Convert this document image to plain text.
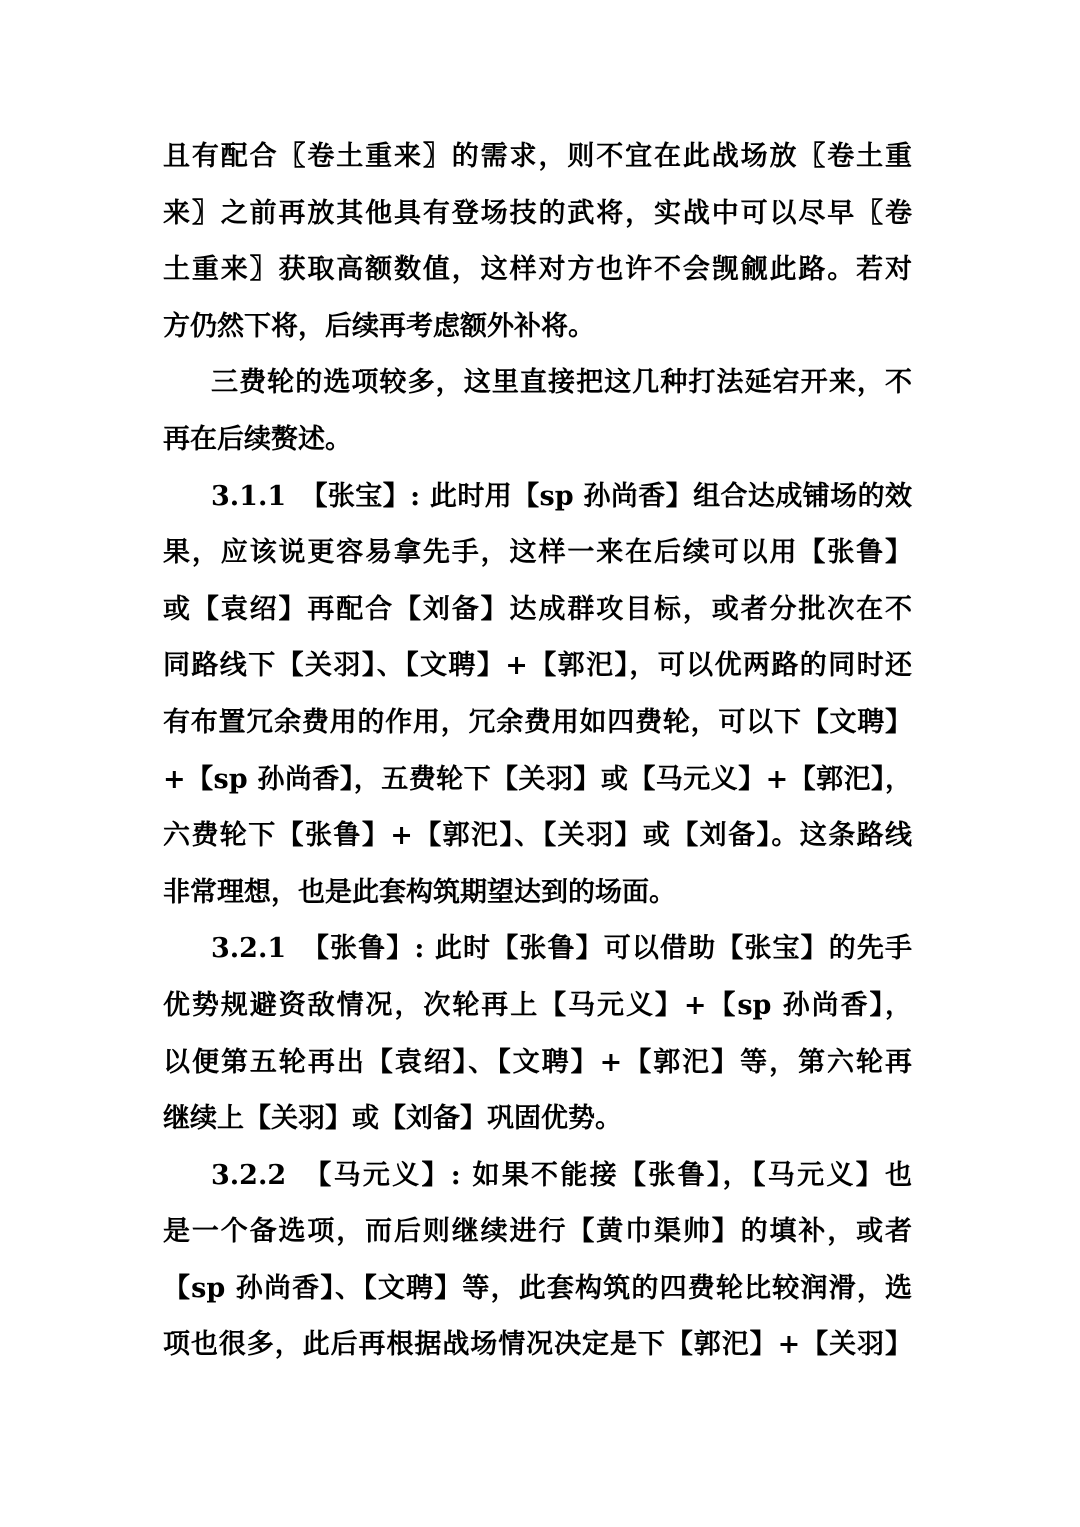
且有配合〖卷土重来〗的需求，则不宜在此战场放〖卷土重
来〗之前再放其他具有登场技的武将，实战中可以尽早〖卷
土重来〗获取高额数值，这样对方也许不会觊觎此路。若对
方仍然下将，后续再考虑额外补将。
三费轮的选项较多，这里直接把这几种打法延宕开来，不
再在后续赘述。
3.1.1　【张宝】: 此时用【sp 孙尚香】组合达成铺场的效
果，应该说更容易拿先手，这样一来在后续可以用【张鲁】
或【袁绍】再配合【刘备】达成群攻目标，或者分批次在不
同路线下【关羽】、【文聘】+【郭汜】，可以优两路的同时还
有布置冗余费用的作用，冗余费用如四费轮，可以下【文聘】
+【sp 孙尚香】，五费轮下【关羽】或【马元义】+【郭汜】，
六费轮下【张鲁】+【郭汜】、【关羽】或【刘备】。这条路线
非常理想，也是此套构筑期望达到的场面。
3.2.1　【张鲁】: 此时【张鲁】可以借助【张宝】的先手
优势规避资敌情况，次轮再上【马元义】+【sp 孙尚香】，
以便第五轮再出【袁绍】、【文聘】+【郭汜】等，第六轮再
继续上【关羽】或【刘备】巩固优势。
3.2.2　【马元义】: 如果不能接【张鲁】，【马元义】也
是一个备选项，而后则继续进行【黄巾渠帅】的填补，或者
【sp 孙尚香】、【文聘】等，此套构筑的四费轮比较润滑，选
项也很多，此后再根据战场情况决定是下【郭汜】+【关羽】
